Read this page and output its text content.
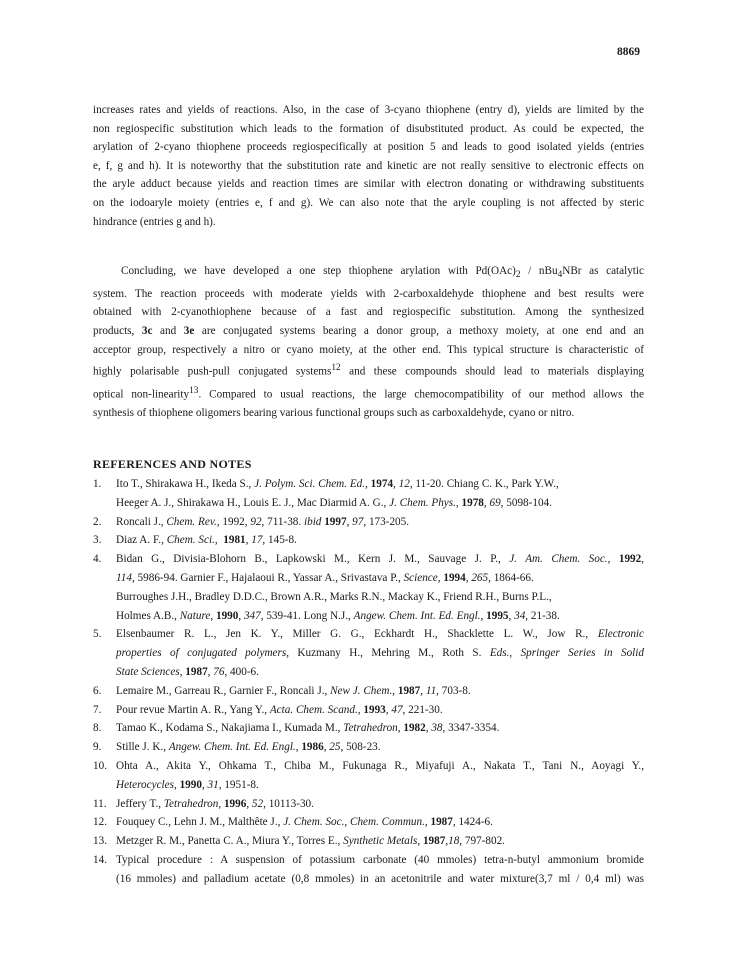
8869
increases rates and yields of reactions. Also, in the case of 3-cyano thiophene (entry d), yields are limited by the
non regiospecific substitution which leads to the formation of disubstituted product. As could be expected, the
arylation of 2-cyano thiophene proceeds regiospecifically at position 5 and leads to good isolated yields (entries
e, f, g and h). It is noteworthy that the substitution rate and kinetic are not really sensitive to electronic effects on
the aryle adduct because yields and reaction times are similar with electron donating or withdrawing substituents
on the iodoaryle moiety (entries e, f and g). We can also note that the aryle coupling is not affected by steric
hindrance (entries g and h).
Concluding, we have developed a one step thiophene arylation with $Pd(OAc)_2 / nBu_4NBr$ as catalytic
system. The reaction proceeds with moderate yields with 2-carboxaldehyde thiophene and best results were
obtained with 2-cyanothiophene because of a fast and regiospecific substitution. Among the synthesized
products, 3c and 3e are conjugated systems bearing a donor group, a methoxy moiety, at one end and an
acceptor group, respectively a nitro or cyano moiety, at the other end. This typical structure is characteristic of
highly polarisable push-pull conjugated systems$^{12}$ and these compounds should lead to materials displaying
optical non-linearity$^{13}$. Compared to usual reactions, the large chemocompatibility of our method allows the
synthesis of thiophene oligomers bearing various functional groups such as carboxaldehyde, cyano or nitro.
REFERENCES AND NOTES
1. Ito T., Shirakawa H., Ikeda S., J. Polym. Sci. Chem. Ed., 1974, 12, 11-20. Chiang C. K., Park Y.W.,
Heeger A. J., Shirakawa H., Louis E. J., Mac Diarmid A. G., J. Chem. Phys., 1978, 69, 5098-104.
2. Roncali J., Chem. Rev., 1992, 92, 711-38. ibid 1997, 97, 173-205.
3. Diaz A. F., Chem. Sci.,  1981, 17, 145-8.
4. Bidan G., Divisia-Blohorn B., Lapkowski M., Kern J. M., Sauvage J. P., J. Am. Chem. Soc., 1992,
114, 5986-94. Garnier F., Hajalaoui R., Yassar A., Srivastava P., Science, 1994, 265, 1864-66.
Burroughes J.H., Bradley D.D.C., Brown A.R., Marks R.N., Mackay K., Friend R.H., Burns P.L.,
Holmes A.B., Nature, 1990, 347, 539-41. Long N.J., Angew. Chem. Int. Ed. Engl., 1995, 34, 21-38.
5. Elsenbaumer R. L., Jen K. Y., Miller G. G., Eckhardt H., Shacklette L. W., Jow R., Electronic
properties of conjugated polymers, Kuzmany H., Mehring M., Roth S. Eds., Springer Series in Solid
State Sciences, 1987, 76, 400-6.
6. Lemaire M., Garreau R., Garnier F., Roncali J., New J. Chem., 1987, 11, 703-8.
7. Pour revue Martin A. R., Yang Y., Acta. Chem. Scand., 1993, 47, 221-30.
8. Tamao K., Kodama S., Nakajiama I., Kumada M., Tetrahedron, 1982, 38, 3347-3354.
9. Stille J. K., Angew. Chem. Int. Ed. Engl., 1986, 25, 508-23.
10. Ohta A., Akita Y., Ohkama T., Chiba M., Fukunaga R., Miyafuji A., Nakata T., Tani N., Aoyagi Y.,
Heterocycles, 1990, 31, 1951-8.
11. Jeffery T., Tetrahedron, 1996, 52, 10113-30.
12. Fouquey C., Lehn J. M., Malthête J., J. Chem. Soc., Chem. Commun., 1987, 1424-6.
13. Metzger R. M., Panetta C. A., Miura Y., Torres E., Synthetic Metals, 1987,18, 797-802.
14. Typical procedure : A suspension of potassium carbonate (40 mmoles) tetra-n-butyl ammonium bromide
(16 mmoles) and palladium acetate (0,8 mmoles) in an acetonitrile and water mixture(3,7 ml / 0,4 ml) was
